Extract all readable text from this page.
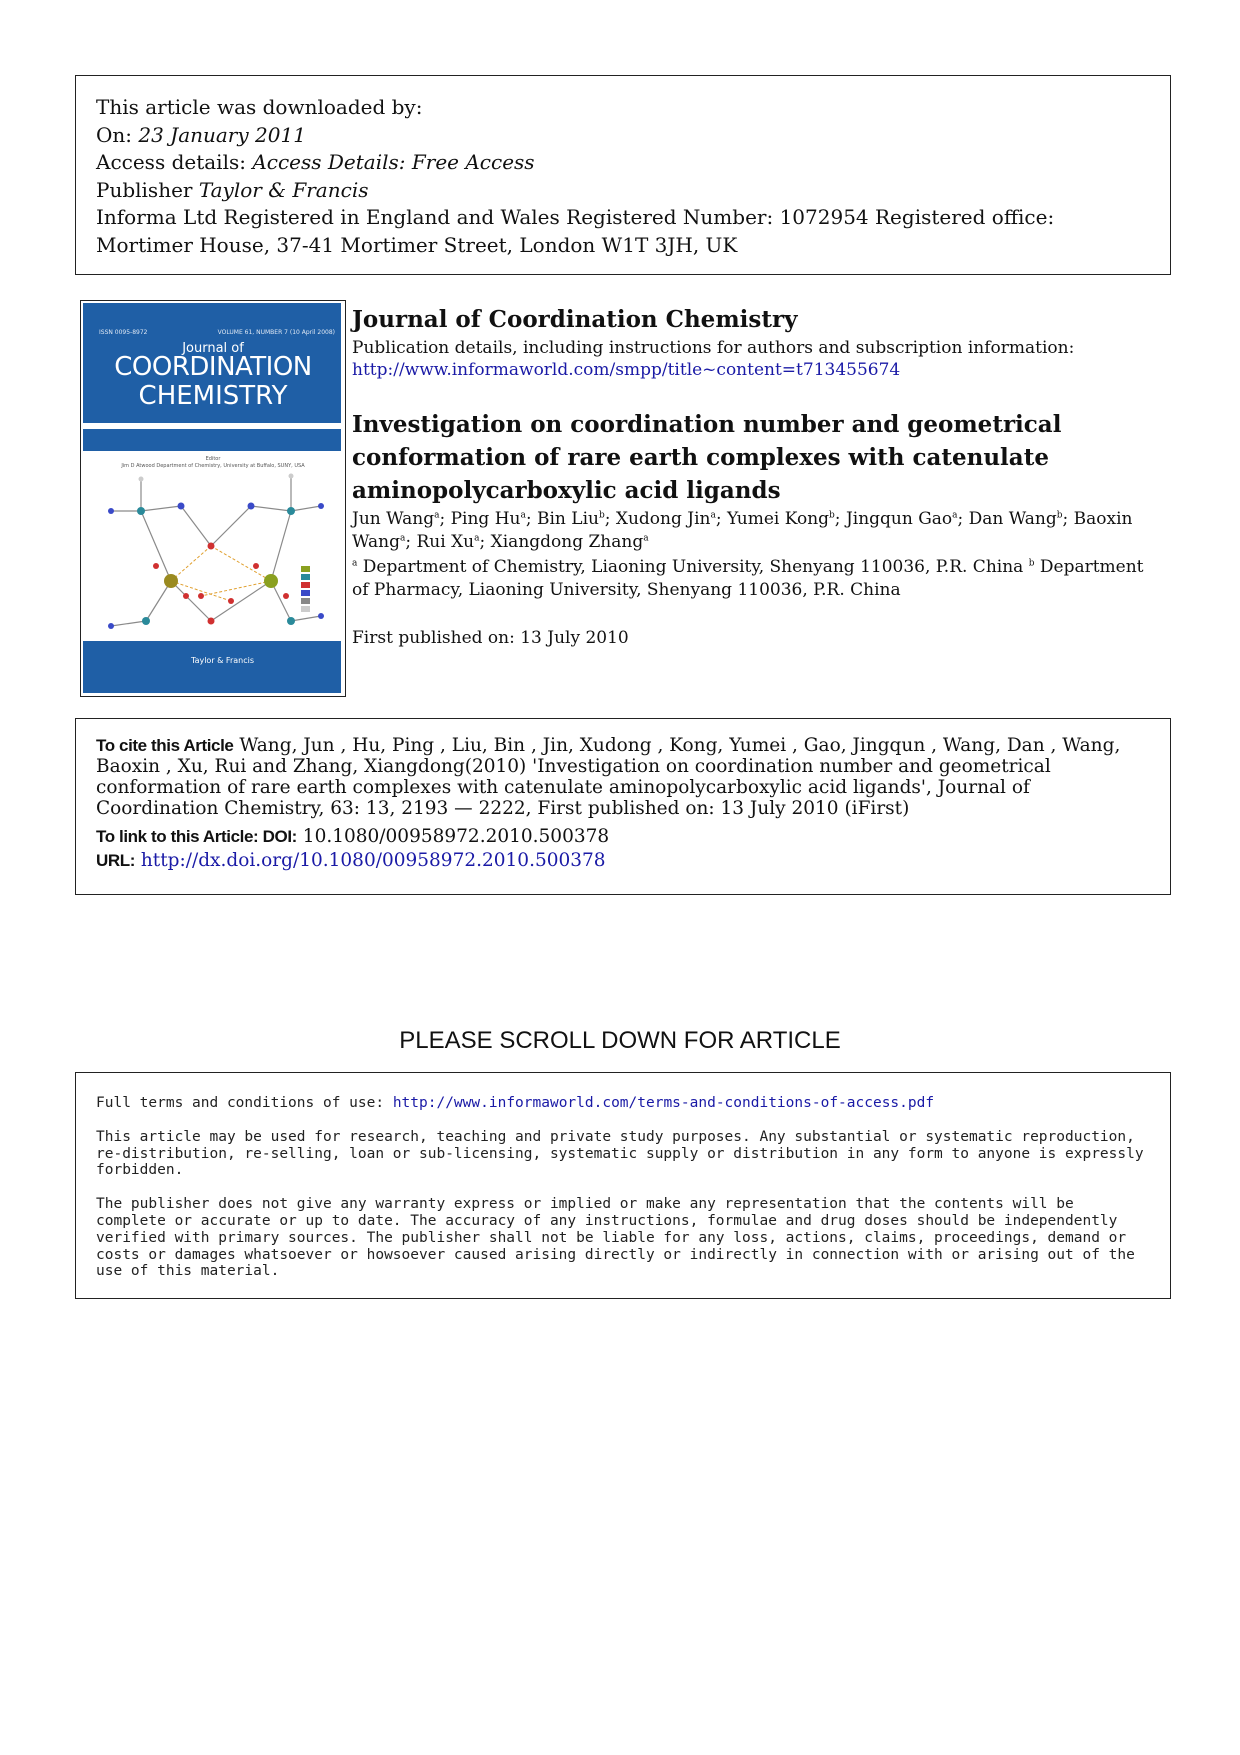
This article was downloaded by:
On: 23 January 2011
Access details: Access Details: Free Access
Publisher Taylor & Francis
Informa Ltd Registered in England and Wales Registered Number: 1072954 Registered office: Mortimer House, 37-41 Mortimer Street, London W1T 3JH, UK
ISSN 0095-8972	VOLUME 61, NUMBER 7 (10 April 2008)
Journal of
COORDINATION
CHEMISTRY
Editor
Jim D Atwood Department of Chemistry, University at Buffalo, SUNY, USA
Taylor & Francis
Journal of Coordination Chemistry
Publication details, including instructions for authors and subscription information:
http://www.informaworld.com/smpp/title~content=t713455674
Investigation on coordination number and geometrical conformation of rare earth complexes with catenulate aminopolycarboxylic acid ligands
Jun Wang$^a$; Ping Hu$^a$; Bin Liu$^b$; Xudong Jin$^a$; Yumei Kong$^b$; Jingqun Gao$^a$; Dan Wang$^b$; Baoxin Wang$^a$; Rui Xu$^a$; Xiangdong Zhang$^a$
$^a$ Department of Chemistry, Liaoning University, Shenyang 110036, P.R. China $^b$ Department of Pharmacy, Liaoning University, Shenyang 110036, P.R. China
First published on: 13 July 2010
To cite this Article Wang, Jun , Hu, Ping , Liu, Bin , Jin, Xudong , Kong, Yumei , Gao, Jingqun , Wang, Dan , Wang, Baoxin , Xu, Rui and Zhang, Xiangdong(2010) 'Investigation on coordination number and geometrical conformation of rare earth complexes with catenulate aminopolycarboxylic acid ligands', Journal of Coordination Chemistry, 63: 13, 2193 — 2222, First published on: 13 July 2010 (iFirst)
To link to this Article: DOI: 10.1080/00958972.2010.500378
URL: http://dx.doi.org/10.1080/00958972.2010.500378
PLEASE SCROLL DOWN FOR ARTICLE

Full terms and conditions of use: http://www.informaworld.com/terms-and-conditions-of-access.pdf

This article may be used for research, teaching and private study purposes. Any substantial or systematic reproduction, re-distribution, re-selling, loan or sub-licensing, systematic supply or distribution in any form to anyone is expressly forbidden.

The publisher does not give any warranty express or implied or make any representation that the contents will be complete or accurate or up to date. The accuracy of any instructions, formulae and drug doses should be independently verified with primary sources. The publisher shall not be liable for any loss, actions, claims, proceedings, demand or costs or damages whatsoever or howsoever caused arising directly or indirectly in connection with or arising out of the use of this material.
